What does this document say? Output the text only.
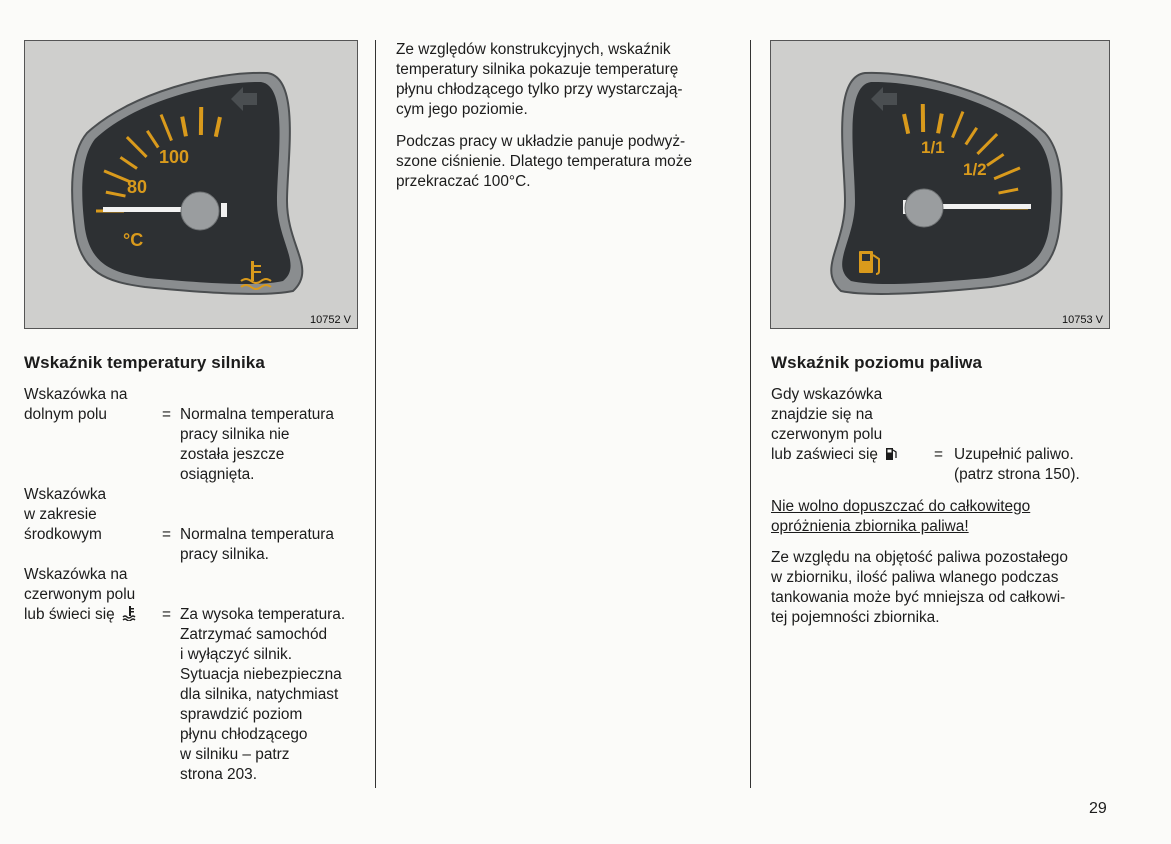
100
80
°C
10752 V
1/1
1/2
10753 V
Ze względów konstrukcyjnych, wskaźnik
temperatury silnika pokazuje temperaturę
płynu chłodzącego tylko przy wystarczają-
cym jego poziomie.
Podczas pracy w układzie panuje podwyż-
szone ciśnienie. Dlatego temperatura może
przekraczać 100°C.
Wskaźnik temperatury silnika
Wskazówka na
dolnym polu	= Normalna temperatura
pracy silnika nie
została jeszcze
osiągnięta.
Wskazówka
w zakresie
środkowym	= Normalna temperatura
pracy silnika.
Wskazówka na
czerwonym polu
lub świeci się	= Za wysoka temperatura.
Zatrzymać samochód
i wyłączyć silnik.
Sytuacja niebezpieczna
dla silnika, natychmiast
sprawdzić poziom
płynu chłodzącego
w silniku – patrz
strona 203.
Wskaźnik poziomu paliwa
Gdy wskazówka
znajdzie się na
czerwonym polu
lub zaświeci się	= Uzupełnić paliwo.
(patrz strona 150).
Nie wolno dopuszczać do całkowitego
opróżnienia zbiornika paliwa!
Ze względu na objętość paliwa pozostałego
w zbiorniku, ilość paliwa wlanego podczas
tankowania może być mniejsza od całkowi-
tej pojemności zbiornika.
29
